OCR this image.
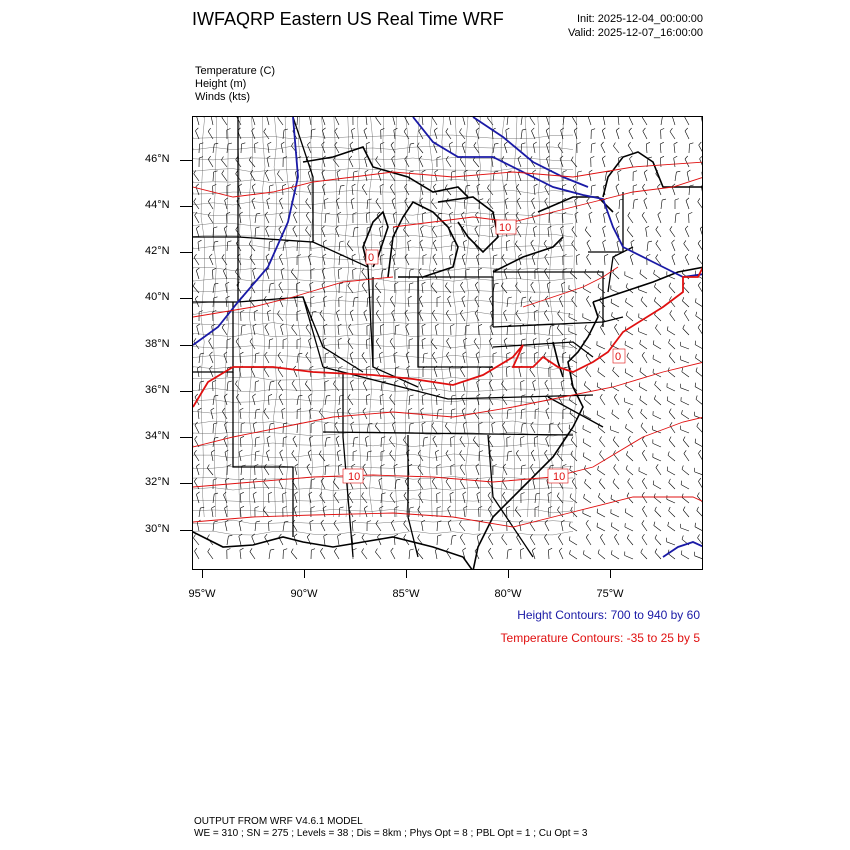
IWFAQRP Eastern US Real Time WRF	Init: 2025-12-04_00:00:00
Valid: 2025-12-07_16:00:00
Temperature (C)
Height (m)
Winds (kts)
10
0
0
10
10
46°N
44°N
42°N
40°N
38°N
36°N
34°N
32°N
30°N
95°W	90°W	85°W	80°W	75°W
Height Contours: 700 to 940 by 60
Temperature Contours: -35 to 25 by 5
OUTPUT FROM WRF V4.6.1 MODEL
WE = 310 ; SN = 275 ; Levels = 38 ; Dis = 8km ; Phys Opt = 8 ; PBL Opt = 1 ; Cu Opt = 3
